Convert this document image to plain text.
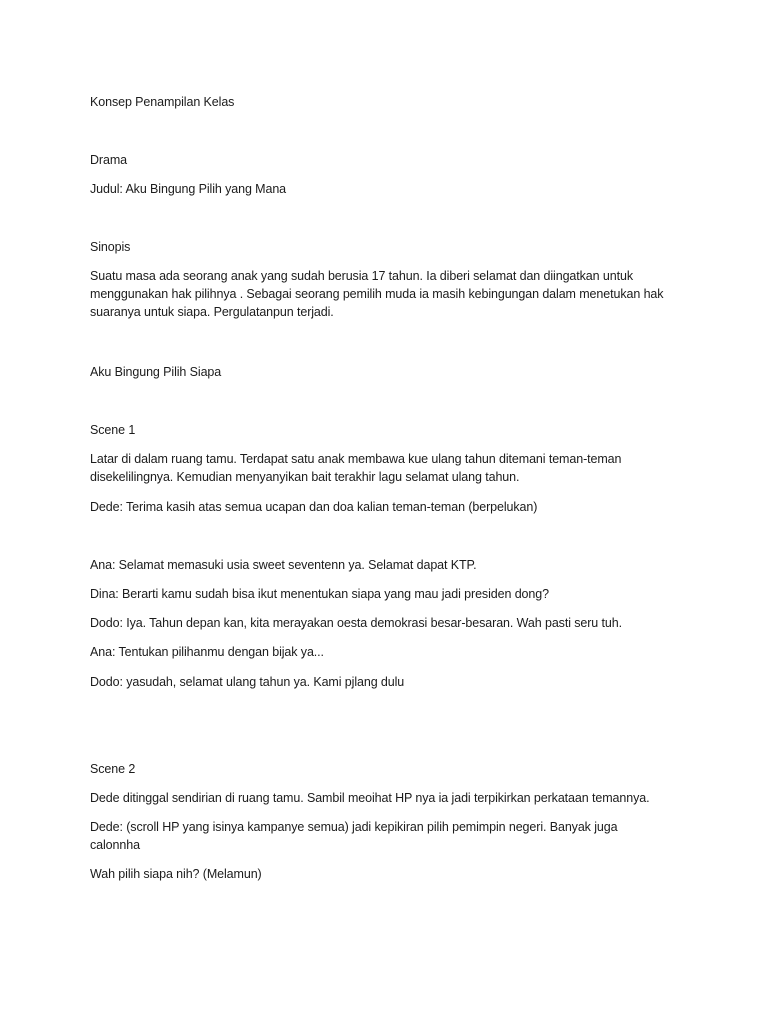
Konsep Penampilan Kelas
Drama
Judul: Aku Bingung Pilih yang Mana
Sinopis
Suatu masa ada seorang anak yang sudah berusia 17 tahun. Ia diberi selamat dan diingatkan untuk menggunakan hak pilihnya . Sebagai seorang pemilih muda ia masih kebingungan dalam menetukan hak suaranya untuk siapa. Pergulatanpun terjadi.
Aku Bingung Pilih Siapa
Scene 1
Latar di dalam ruang tamu. Terdapat satu anak membawa kue ulang tahun ditemani teman-teman disekelilingnya. Kemudian menyanyikan bait terakhir lagu selamat ulang tahun.
Dede: Terima kasih atas semua ucapan dan doa kalian teman-teman (berpelukan)
Ana: Selamat memasuki usia sweet seventenn ya. Selamat dapat KTP.
Dina: Berarti kamu sudah bisa ikut menentukan siapa yang mau jadi presiden dong?
Dodo: Iya. Tahun depan kan, kita merayakan oesta demokrasi besar-besaran. Wah pasti seru tuh.
Ana: Tentukan pilihanmu dengan bijak ya...
Dodo: yasudah, selamat ulang tahun ya. Kami pjlang dulu
Scene 2
Dede ditinggal sendirian di ruang tamu. Sambil meoihat HP nya ia jadi terpikirkan perkataan temannya.
Dede: (scroll HP yang isinya kampanye semua) jadi kepikiran pilih pemimpin negeri. Banyak juga calonnha
Wah pilih siapa nih? (Melamun)
